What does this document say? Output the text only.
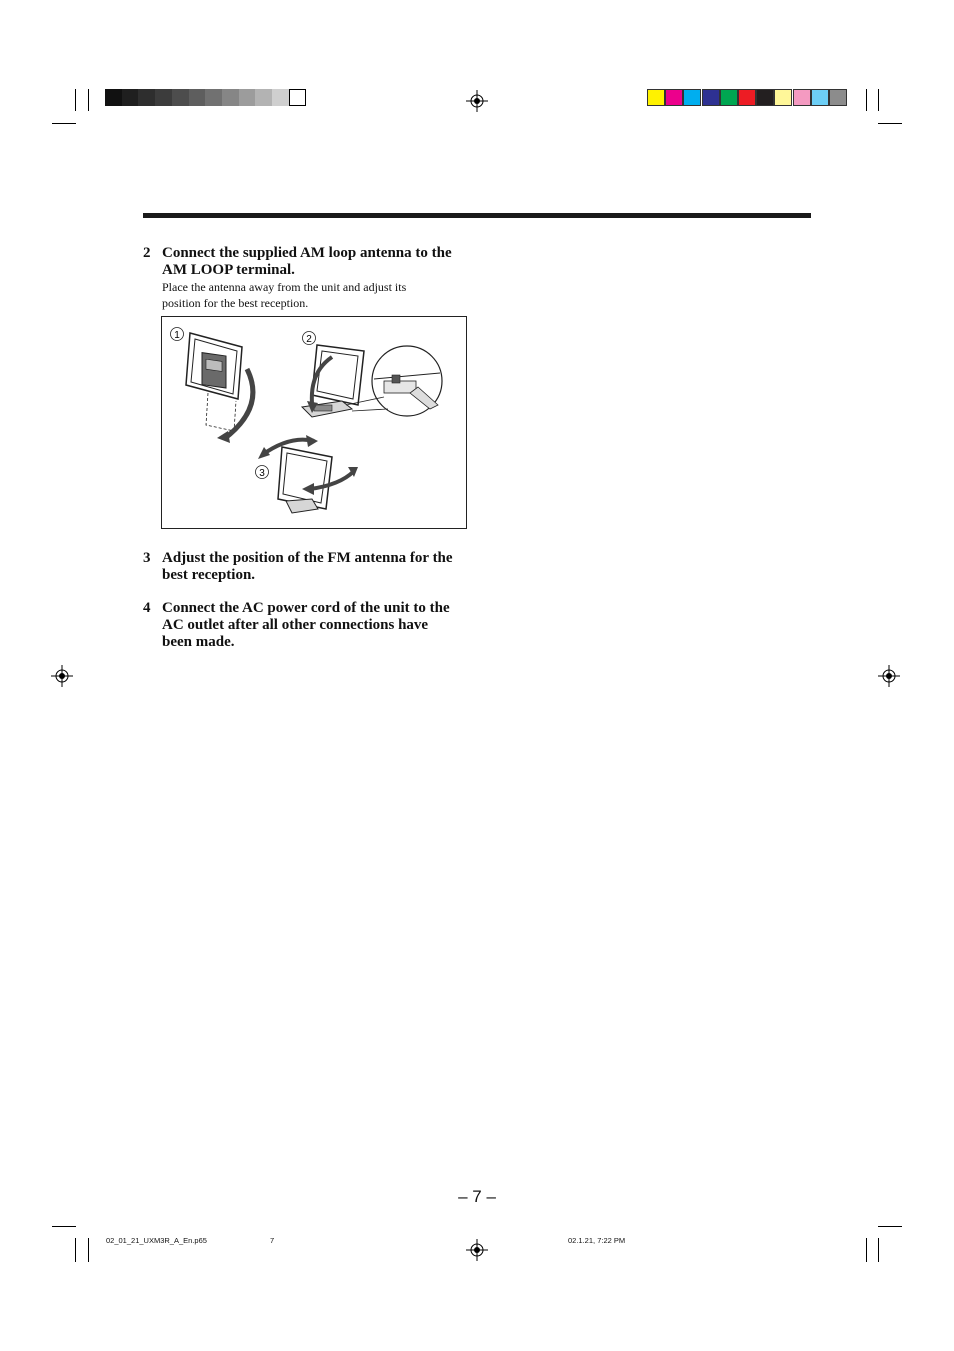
2 Connect the supplied AM loop antenna to the
AM LOOP terminal.
Place the antenna away from the unit and adjust its
position for the best reception.
1	2
3
3 Adjust the position of the FM antenna for the
best reception.
4 Connect the AC power cord of the unit to the
AC outlet after all other connections have
been made.
– 7 –
02_01_21_UXM3R_A_En.p65	7	02.1.21, 7:22 PM
